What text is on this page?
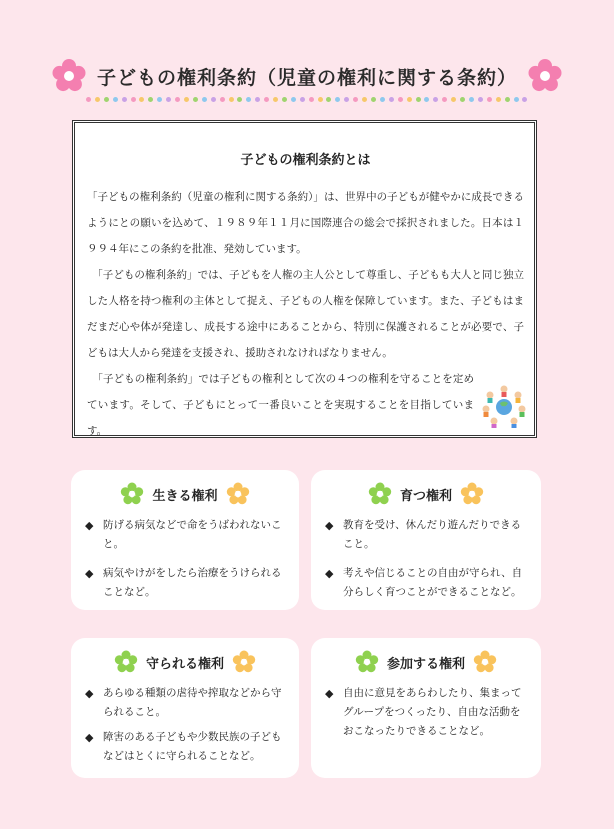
子どもの権利条約（児童の権利に関する条約）
子どもの権利条約とは

「子どもの権利条約（児童の権利に関する条約）」は、世界中の子どもが健やかに成長できるようにとの願いを込めて、１９８９年１１月に国際連合の総会で採択されました。日本は１９９４年にこの条約を批准、発効しています。

　「子どもの権利条約」では、子どもを人権の主人公として尊重し、子どもも大人と同じ独立した人格を持つ権利の主体として捉え、子どもの人権を保障しています。また、子どもはまだまだ心や体が発達し、成長する途中にあることから、特別に保護されることが必要で、子どもは大人から発達を支援され、援助されなければなりません。

　「子どもの権利条約」では子どもの権利として次の４つの権利を守ることを定めています。そして、子どもにとって一番良いことを実現することを目指しています。

生きる権利
◆ 防げる病気などで命をうばわれないこと。
◆ 病気やけがをしたら治療をうけられることなど。
育つ権利
◆ 教育を受け、休んだり遊んだりできること。
◆ 考えや信じることの自由が守られ、自分らしく育つことができることなど。
守られる権利
◆ あらゆる種類の虐待や搾取などから守られること。
◆ 障害のある子どもや少数民族の子どもなどはとくに守られることなど。
参加する権利
◆ 自由に意見をあらわしたり、集まってグループをつくったり、自由な活動をおこなったりできることなど。
